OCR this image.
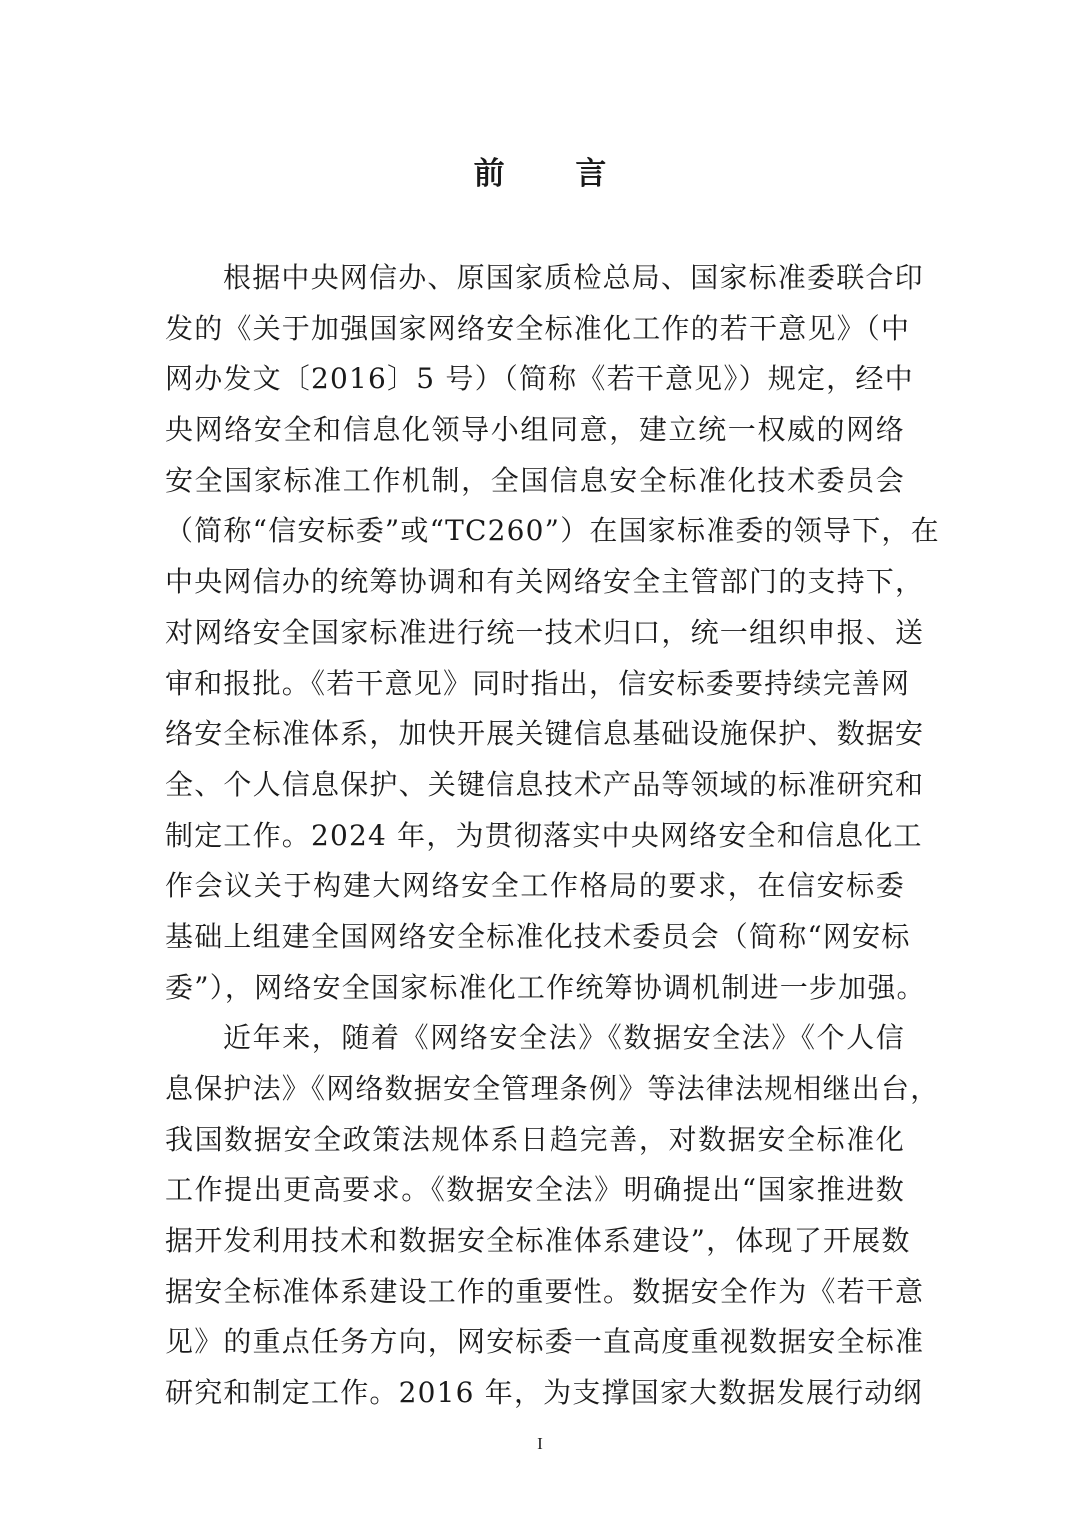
前 言
根据中央网信办、原国家质检总局、国家标准委联合印
发的《关于加强国家网络安全标准化工作的若干意见》（中
网办发文〔2016〕5 号）（简称《若干意见》）规定，经中
央网络安全和信息化领导小组同意，建立统一权威的网络
安全国家标准工作机制，全国信息安全标准化技术委员会
（简称“信安标委”或“TC260”）在国家标准委的领导下，在
中央网信办的统筹协调和有关网络安全主管部门的支持下，
对网络安全国家标准进行统一技术归口，统一组织申报、送
审和报批。《若干意见》同时指出，信安标委要持续完善网
络安全标准体系，加快开展关键信息基础设施保护、数据安
全、个人信息保护、关键信息技术产品等领域的标准研究和
制定工作。2024 年，为贯彻落实中央网络安全和信息化工
作会议关于构建大网络安全工作格局的要求，在信安标委
基础上组建全国网络安全标准化技术委员会（简称“网安标
委”），网络安全国家标准化工作统筹协调机制进一步加强。
近年来，随着《网络安全法》《数据安全法》《个人信
息保护法》《网络数据安全管理条例》等法律法规相继出台，
我国数据安全政策法规体系日趋完善，对数据安全标准化
工作提出更高要求。《数据安全法》明确提出“国家推进数
据开发利用技术和数据安全标准体系建设”，体现了开展数
据安全标准体系建设工作的重要性。数据安全作为《若干意
见》的重点任务方向，网安标委一直高度重视数据安全标准
研究和制定工作。2016 年，为支撑国家大数据发展行动纲
I
